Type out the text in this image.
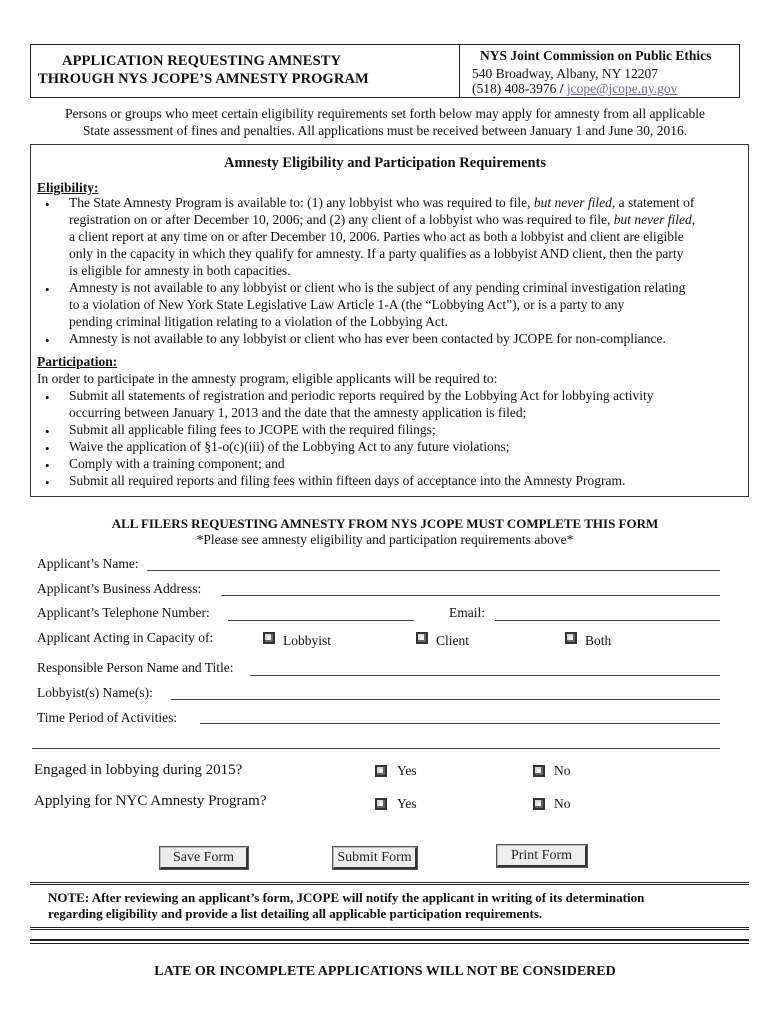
APPLICATION REQUESTING AMNESTY
THROUGH NYS JCOPE’S AMNESTY PROGRAM
NYS Joint Commission on Public Ethics
540 Broadway, Albany, NY 12207
(518) 408-3976 / jcope@jcope.ny.gov
Persons or groups who meet certain eligibility requirements set forth below may apply for amnesty from all applicable
State assessment of fines and penalties. All applications must be received between January 1 and June 30, 2016.
Amnesty Eligibility and Participation Requirements
Eligibility:
• The State Amnesty Program is available to: (1) any lobbyist who was required to file, but never filed, a statement of
registration on or after December 10, 2006; and (2) any client of a lobbyist who was required to file, but never filed,
a client report at any time on or after December 10, 2006. Parties who act as both a lobbyist and client are eligible
only in the capacity in which they qualify for amnesty. If a party qualifies as a lobbyist AND client, then the party
is eligible for amnesty in both capacities.
• Amnesty is not available to any lobbyist or client who is the subject of any pending criminal investigation relating
to a violation of New York State Legislative Law Article 1-A (the “Lobbying Act”), or is a party to any
pending criminal litigation relating to a violation of the Lobbying Act.
• Amnesty is not available to any lobbyist or client who has ever been contacted by JCOPE for non-compliance.
Participation:
In order to participate in the amnesty program, eligible applicants will be required to:
• Submit all statements of registration and periodic reports required by the Lobbying Act for lobbying activity
occurring between January 1, 2013 and the date that the amnesty application is filed;
• Submit all applicable filing fees to JCOPE with the required filings;
• Waive the application of §1-o(c)(iii) of the Lobbying Act to any future violations;
• Comply with a training component; and
• Submit all required reports and filing fees within fifteen days of acceptance into the Amnesty Program.
ALL FILERS REQUESTING AMNESTY FROM NYS JCOPE MUST COMPLETE THIS FORM
*Please see amnesty eligibility and participation requirements above*
Applicant’s Name:
Applicant’s Business Address:
Applicant’s Telephone Number:	Email:
Applicant Acting in Capacity of:	Lobbyist	Client	Both
Responsible Person Name and Title:
Lobbyist(s) Name(s):
Time Period of Activities:
Engaged in lobbying during 2015?	Yes	No
Applying for NYC Amnesty Program?	Yes	No
Save Form	Submit Form	Print Form
NOTE: After reviewing an applicant’s form, JCOPE will notify the applicant in writing of its determination
regarding eligibility and provide a list detailing all applicable participation requirements.
LATE OR INCOMPLETE APPLICATIONS WILL NOT BE CONSIDERED
